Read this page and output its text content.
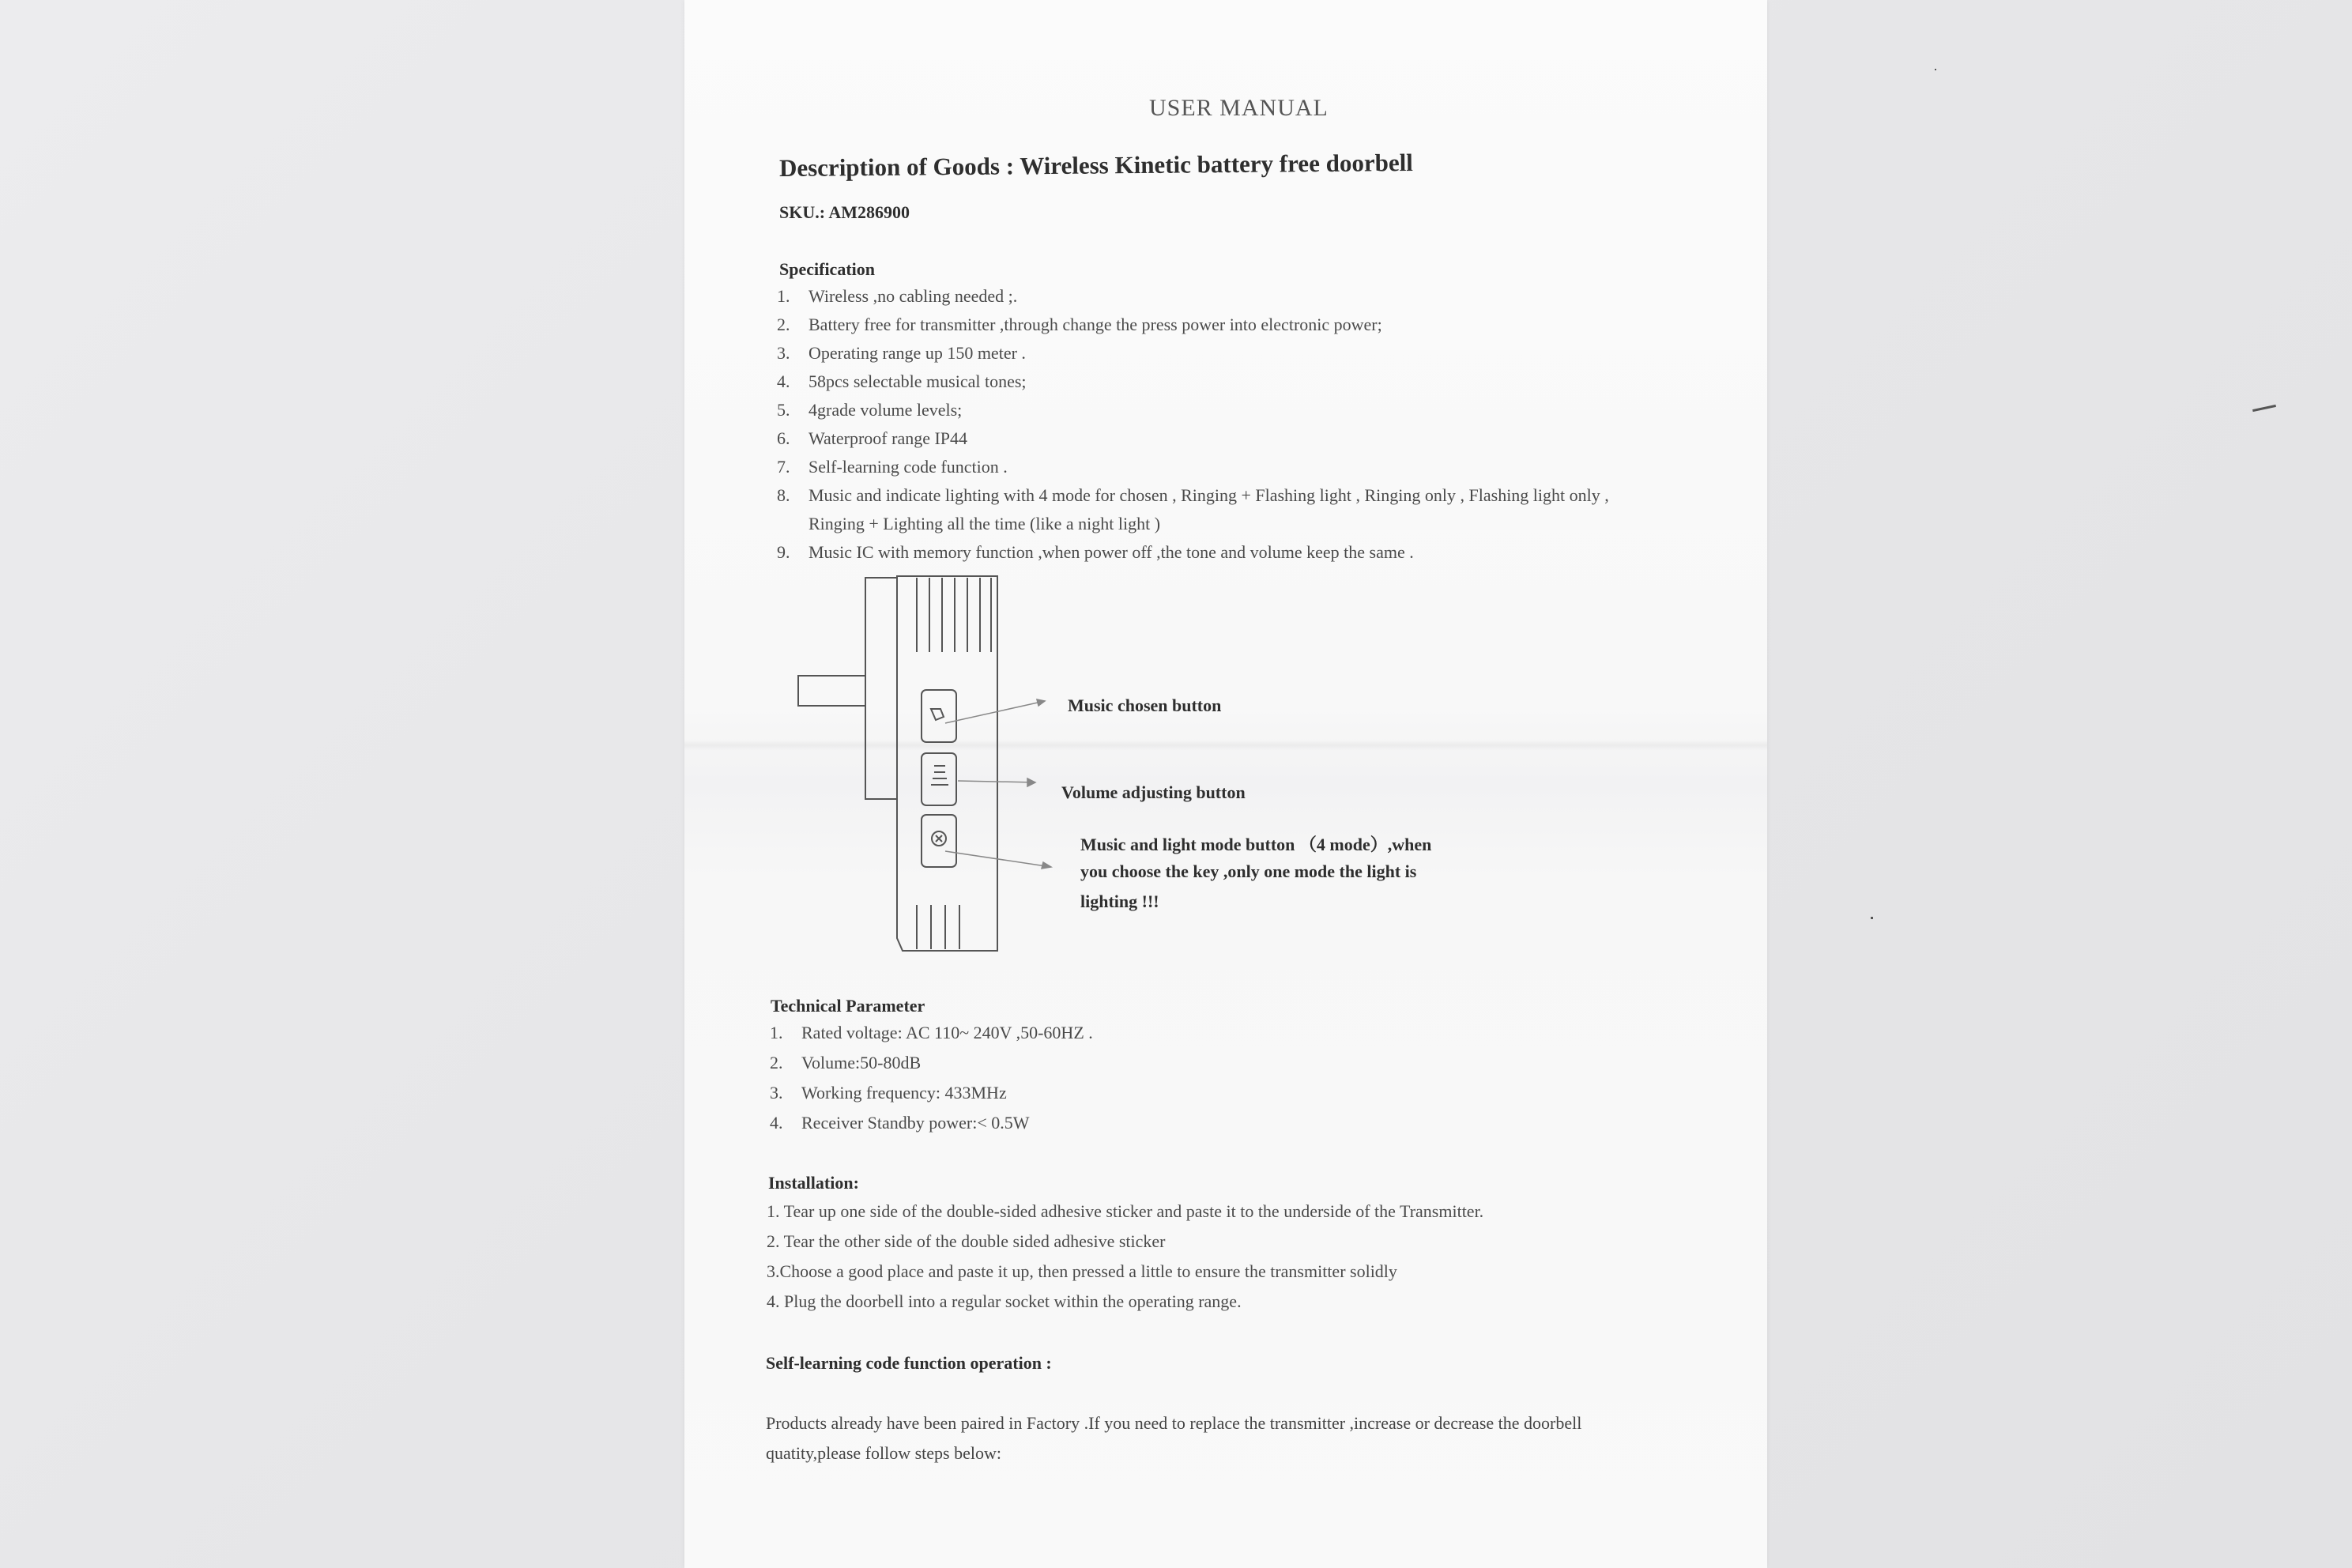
USER MANUAL
Description of Goods : Wireless Kinetic battery free doorbell
SKU.: AM286900
Specification
1. Wireless ,no cabling needed ;.
2. Battery free for transmitter ,through change the press power into electronic power;
3. Operating range up 150 meter .
4. 58pcs selectable musical tones;
5. 4grade volume levels;
6. Waterproof range IP44
7. Self-learning code function .
8. Music and indicate lighting with 4 mode for chosen , Ringing + Flashing light , Ringing only , Flashing light only ,
Ringing + Lighting all the time (like a night light )
9. Music IC with memory function ,when power off ,the tone and volume keep the same .
Music chosen button
Volume adjusting button
Music and light mode button （4 mode）,when
you choose the key ,only one mode the light is
lighting !!!
Technical Parameter
1. Rated voltage: AC 110~ 240V ,50-60HZ .
2. Volume:50-80dB
3. Working frequency: 433MHz
4. Receiver Standby power:< 0.5W
Installation:
1. Tear up one side of the double-sided adhesive sticker and paste it to the underside of the Transmitter.
2. Tear the other side of the double sided adhesive sticker
3.Choose a good place and paste it up, then pressed a little to ensure the transmitter solidly
4. Plug the doorbell into a regular socket within the operating range.
Self-learning code function operation :
Products already have been paired in Factory .If you need to replace the transmitter ,increase or decrease the doorbell
quatity,please follow steps below:
